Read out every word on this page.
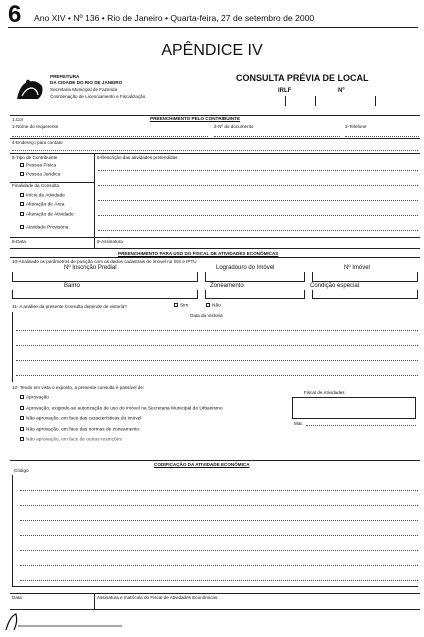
6 Ano XIV • Nº 136 • Rio de Janeiro • Quarta-feira, 27 de setembro de 2000
APÊNDICE IV
PREFEITURA
DA CIDADE DO RIO DE JANEIRO
Secretaria Municipal de Fazenda
Coordenação de Licenciamento e Fiscalização
CONSULTA PRÉVIA DE LOCAL
IRLF	Nº
PREENCHIMENTO PELO CONTRIBUINTE
1.Cor
1-Nome do requerente	2-Nº do documento	3-Telefone
4-Endereço para contato
5-Tipo de Contribuinte
Pessoa Física
Pessoa Jurídica
Finalidade da Consulta
Início de Atividade
Alteração de Área
Alteração de Atividade
Atividade Provisória
6-Descrição das atividades pretendidas
8-Data	9-Assinatura
PREENCHIMENTO PARA USO DO FISCAL DE ATIVIDADES ECONÔMICAS
10-Analisado os parâmetros de posição com as dados cadastrais do imóvel no ISS e IPTU
Nº Inscrição Predial	Logradouro do Imóvel	Nº Imóvel
Bairro	Zoneamento	Condição especial
11- A análise da presente Consulta depende de vistoria?	Sim	Não
Data da Vistoria
12- Tendo em vista o exposto, a presente consulta é passível de:
Aprovação
Aprovação, exigindo-se autorização de uso do imóvel na Secretaria Municipal de Urbanismo
Não aprovação, em face das características do imóvel
Não aprovação, em face das normas de zoneamento
Não aprovação, em face de outras restrições
Fiscal de Atividades
Mat.
CODIFICAÇÃO DA ATIVIDADE ECONÔMICA
Código
Data	Assinatura e matrícula do Fiscal de Atividades Econômicas
